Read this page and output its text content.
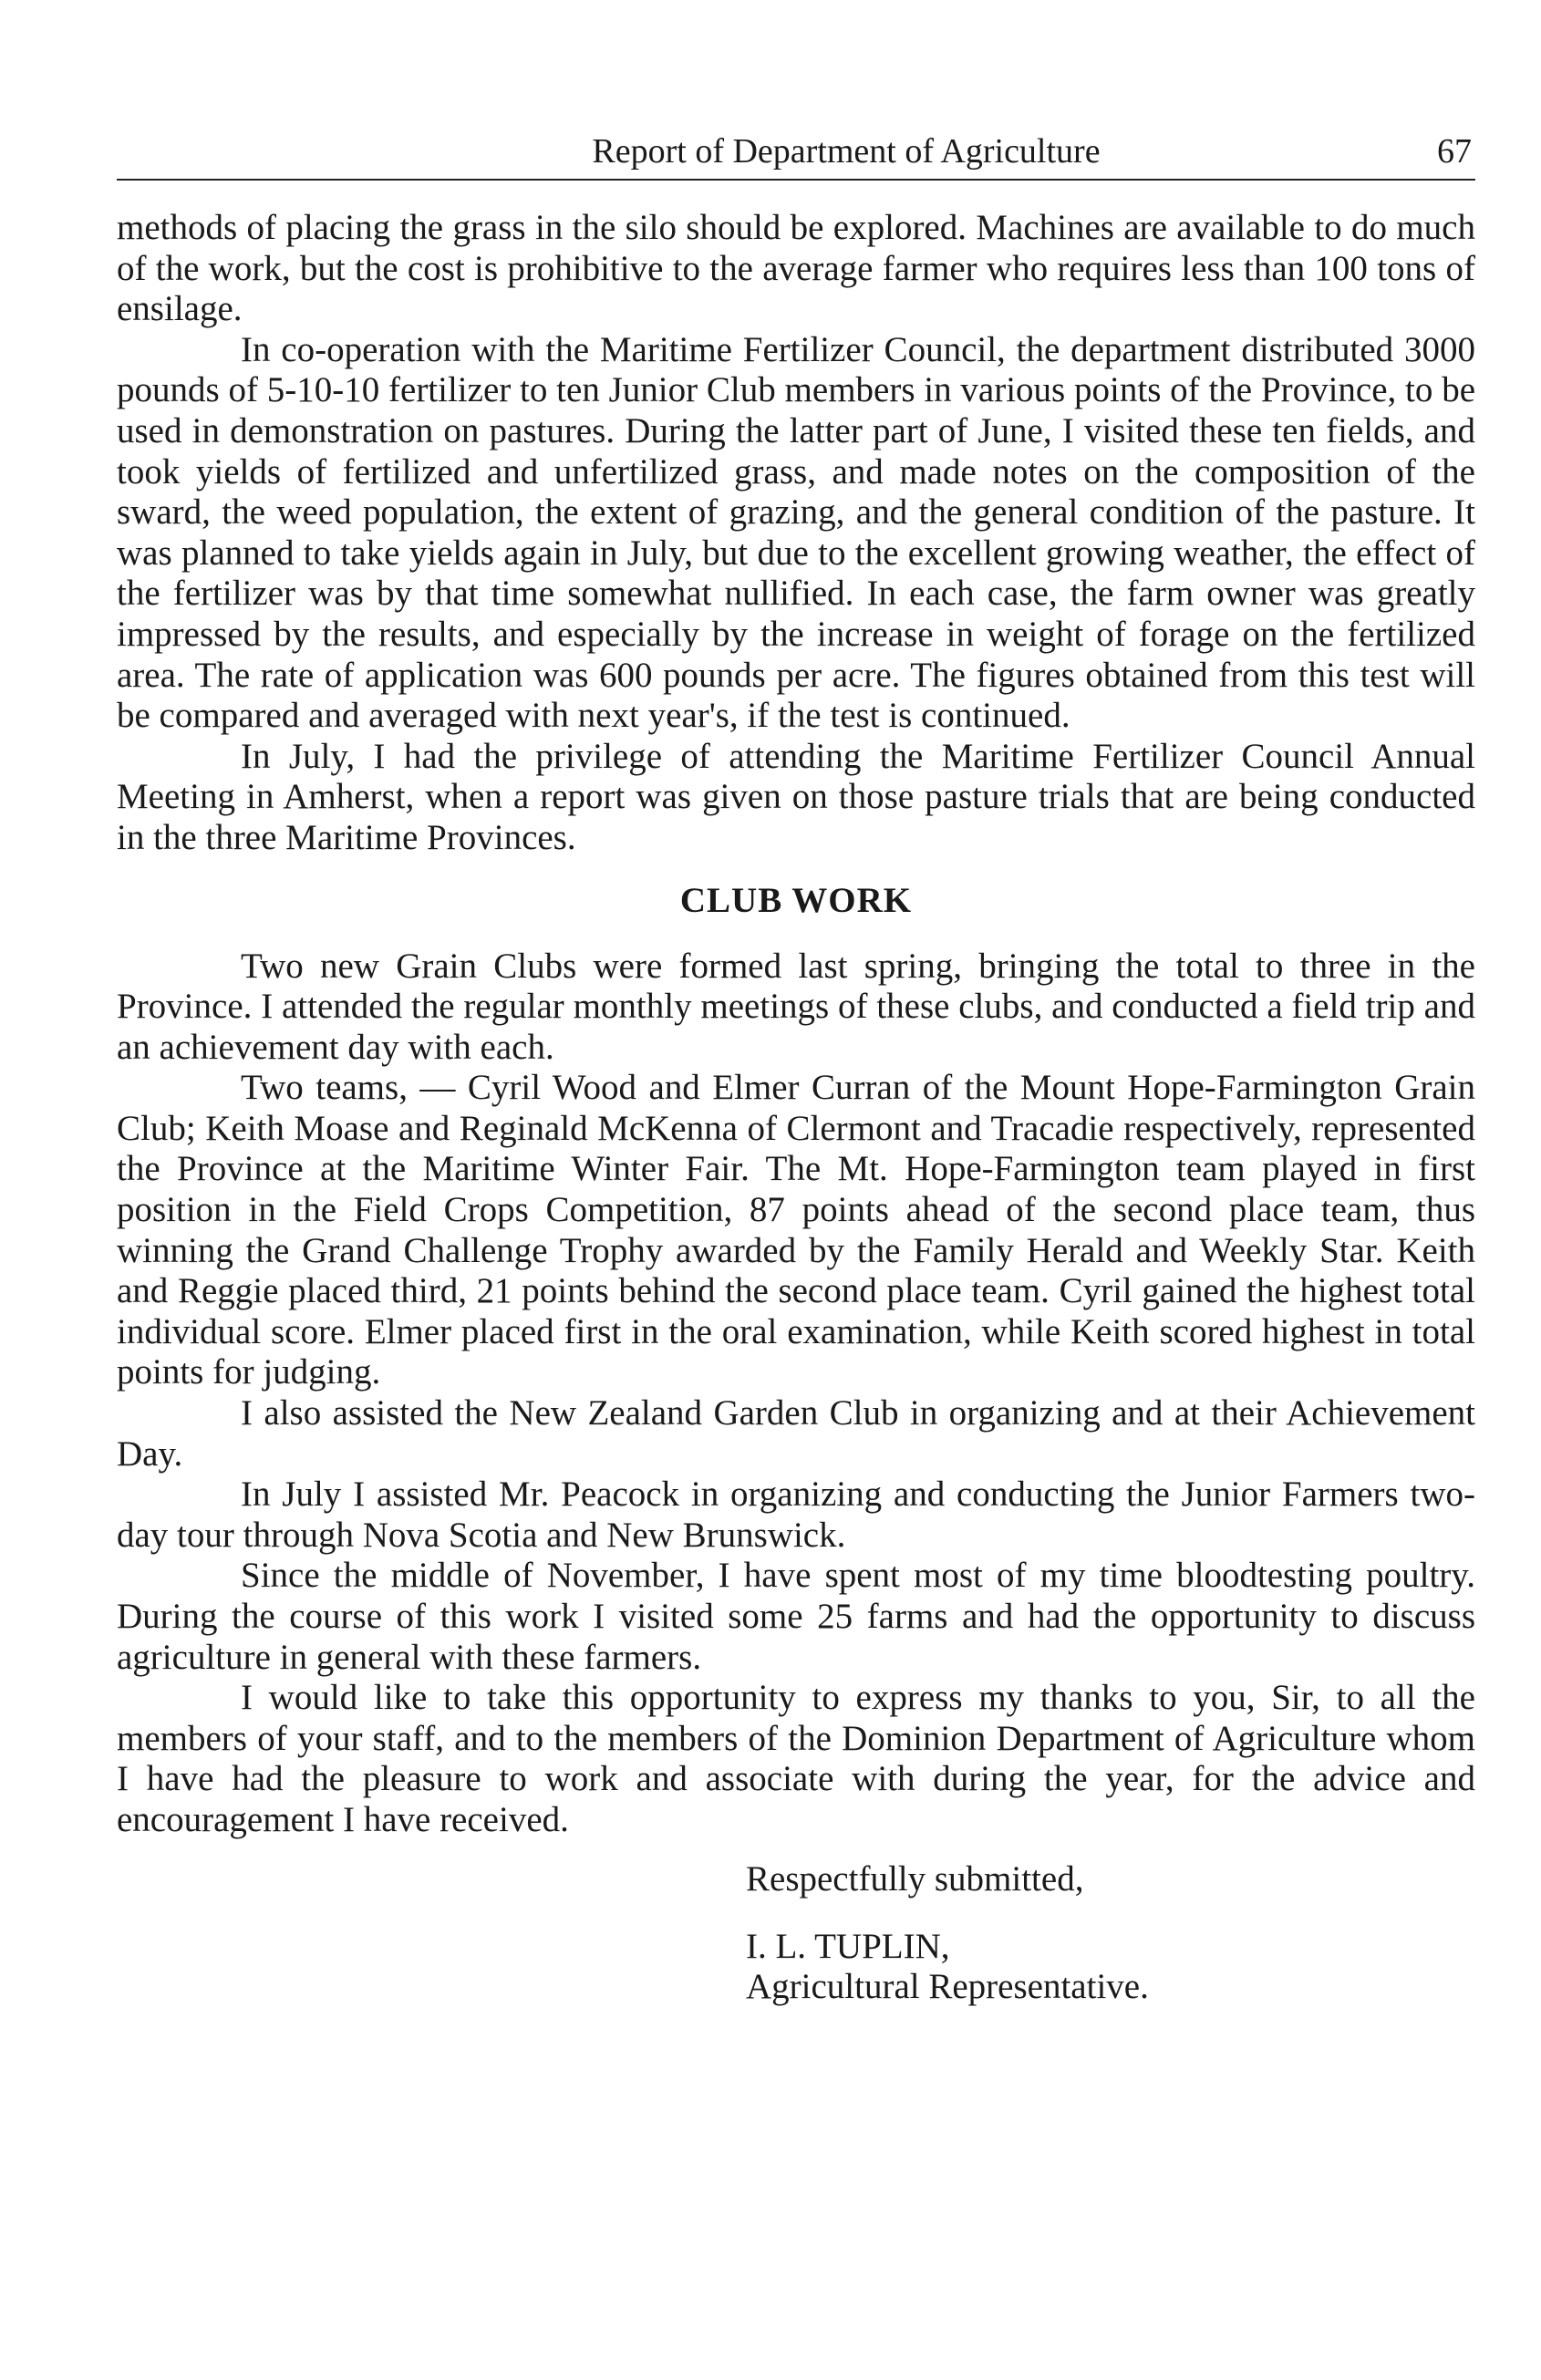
Report of Department of Agriculture	67

methods of placing the grass in the silo should be explored. Machines are available to do much of the work, but the cost is prohibitive to the average farmer who requires less than 100 tons of ensilage.

In co-operation with the Maritime Fertilizer Council, the department distributed 3000 pounds of 5-10-10 fertilizer to ten Junior Club members in various points of the Province, to be used in demonstration on pastures. During the latter part of June, I visited these ten fields, and took yields of fertilized and unfertilized grass, and made notes on the composition of the sward, the weed population, the extent of grazing, and the general condition of the pasture. It was planned to take yields again in July, but due to the excellent growing weather, the effect of the fertilizer was by that time somewhat nullified. In each case, the farm owner was greatly impressed by the results, and especially by the increase in weight of forage on the fertilized area. The rate of application was 600 pounds per acre. The figures obtained from this test will be compared and averaged with next year's, if the test is continued.

In July, I had the privilege of attending the Maritime Fertilizer Council Annual Meeting in Amherst, when a report was given on those pasture trials that are being conducted in the three Maritime Provinces.

CLUB WORK

Two new Grain Clubs were formed last spring, bringing the total to three in the Province. I attended the regular monthly meetings of these clubs, and conducted a field trip and an achievement day with each.

Two teams, — Cyril Wood and Elmer Curran of the Mount Hope-Farmington Grain Club; Keith Moase and Reginald McKenna of Clermont and Tracadie respectively, represented the Province at the Maritime Winter Fair. The Mt. Hope-Farmington team played in first position in the Field Crops Competition, 87 points ahead of the second place team, thus winning the Grand Challenge Trophy awarded by the Family Herald and Weekly Star. Keith and Reggie placed third, 21 points behind the second place team. Cyril gained the highest total individual score. Elmer placed first in the oral examination, while Keith scored highest in total points for judging.

I also assisted the New Zealand Garden Club in organizing and at their Achievement Day.

In July I assisted Mr. Peacock in organizing and conducting the Junior Farmers two-day tour through Nova Scotia and New Brunswick.

Since the middle of November, I have spent most of my time bloodtesting poultry. During the course of this work I visited some 25 farms and had the opportunity to discuss agriculture in general with these farmers.

I would like to take this opportunity to express my thanks to you, Sir, to all the members of your staff, and to the members of the Dominion Department of Agriculture whom I have had the pleasure to work and associate with during the year, for the advice and encouragement I have received.

Respectfully submitted,
I. L. TUPLIN,
Agricultural Representative.
